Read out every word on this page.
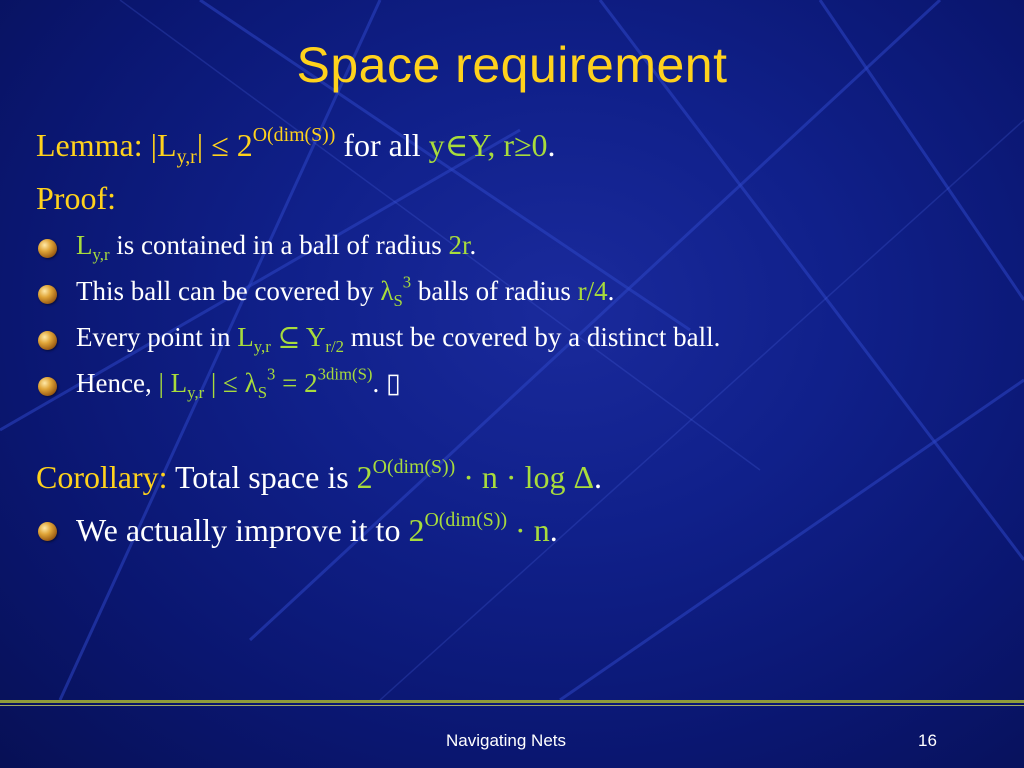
Space requirement
Lemma: $|L_{y,r}| \le 2^{O(dim(S))}$ for all y∈Y, r≥0.
Proof:
$L_{y,r}$ is contained in a ball of radius 2r.
This ball can be covered by $\lambda_S^3$ balls of radius r/4.
Every point in $L_{y,r}$ ⊆ $Y_{r/2}$ must be covered by a distinct ball.
Hence, | $L_{y,r}$ | ≤ $\lambda_S^3 = 2^{3dim(S)}$. ▯
Corollary: Total space is $2^{O(dim(S))} \cdot n \cdot \log \Delta$.
We actually improve it to $2^{O(dim(S))} \cdot n$.
Navigating Nets	16
